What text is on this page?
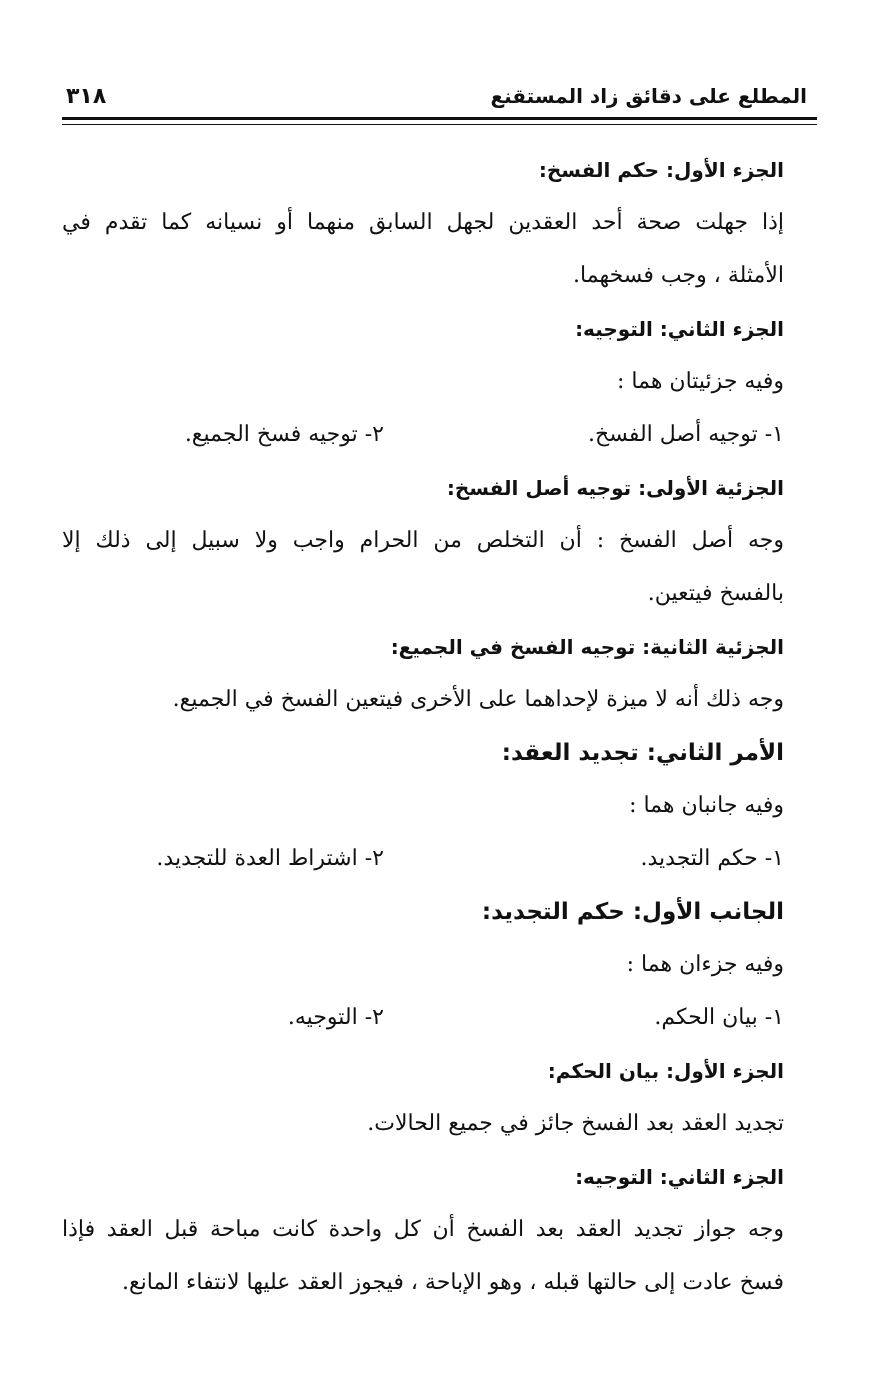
المطلع على دقائق زاد المستقنع
٣١٨
الجزء الأول: حكم الفسخ:
إذا جهلت صحة أحد العقدين لجهل السابق منهما أو نسيانه كما تقدم في
الأمثلة ، وجب فسخهما.
الجزء الثاني: التوجيه:
وفيه جزئيتان هما :
١- توجيه أصل الفسخ.
٢- توجيه فسخ الجميع.
الجزئية الأولى: توجيه أصل الفسخ:
وجه أصل الفسخ : أن التخلص من الحرام واجب ولا سبيل إلى ذلك إلا
بالفسخ فيتعين.
الجزئية الثانية: توجيه الفسخ في الجميع:
وجه ذلك أنه لا ميزة لإحداهما على الأخرى فيتعين الفسخ في الجميع.
الأمر الثاني: تجديد العقد:
وفيه جانبان هما :
١- حكم التجديد.
٢- اشتراط العدة للتجديد.
الجانب الأول: حكم التجديد:
وفيه جزءان هما :
١- بيان الحكم.
٢- التوجيه.
الجزء الأول: بيان الحكم:
تجديد العقد بعد الفسخ جائز في جميع الحالات.
الجزء الثاني: التوجيه:
وجه جواز تجديد العقد بعد الفسخ أن كل واحدة كانت مباحة قبل العقد فإذا
فسخ عادت إلى حالتها قبله ، وهو الإباحة ، فيجوز العقد عليها لانتفاء المانع.
